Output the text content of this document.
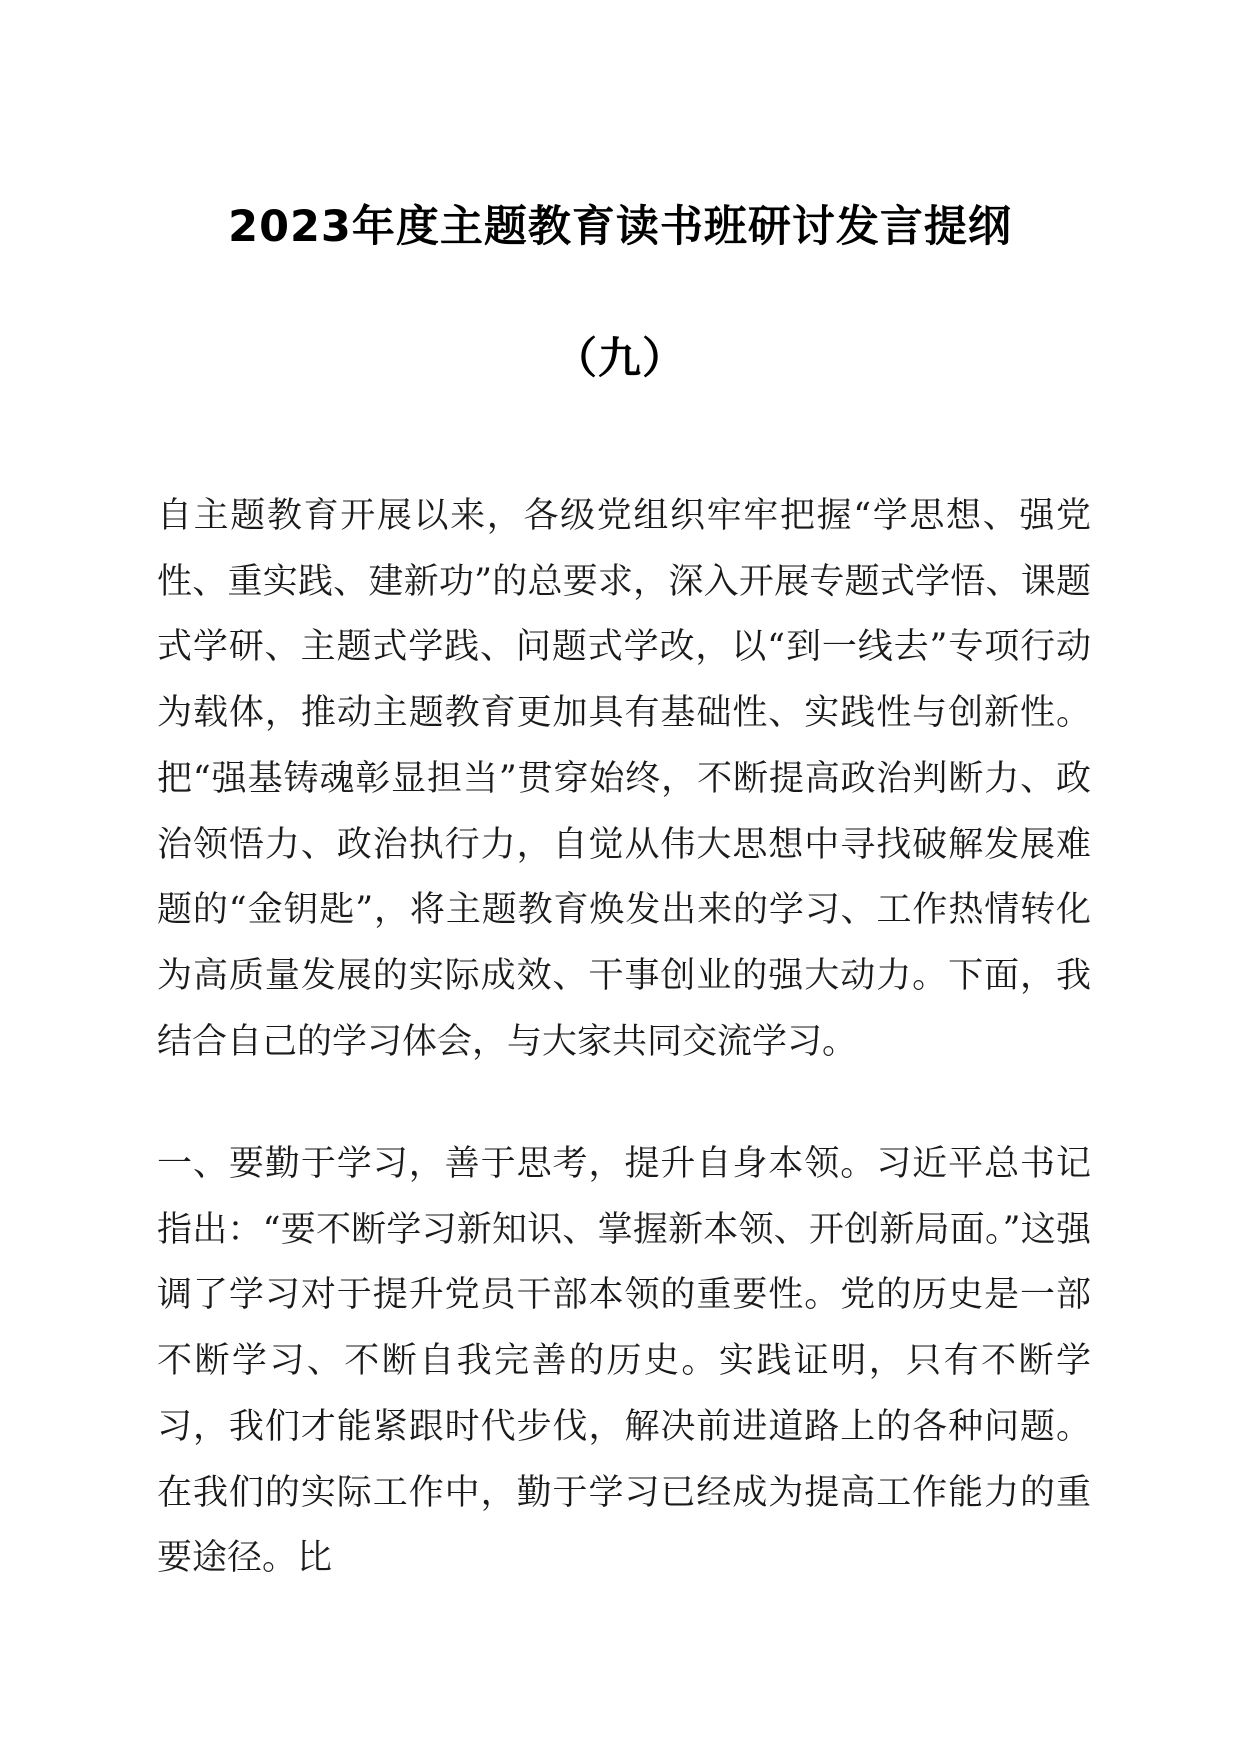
2023年度主题教育读书班研讨发言提纲
（九）

自主题教育开展以来，各级党组织牢牢把握“学思想、强党性、重实践、建新功”的总要求，深入开展专题式学悟、课题式学研、主题式学践、问题式学改，以“到一线去”专项行动为载体，推动主题教育更加具有基础性、实践性与创新性。把“强基铸魂彰显担当”贯穿始终，不断提高政治判断力、政治领悟力、政治执行力，自觉从伟大思想中寻找破解发展难题的“金钥匙”，将主题教育焕发出来的学习、工作热情转化为高质量发展的实际成效、干事创业的强大动力。下面，我结合自己的学习体会，与大家共同交流学习。

一、要勤于学习，善于思考，提升自身本领。习近平总书记指出：“要不断学习新知识、掌握新本领、开创新局面。”这强调了学习对于提升党员干部本领的重要性。党的历史是一部不断学习、不断自我完善的历史。实践证明，只有不断学习，我们才能紧跟时代步伐，解决前进道路上的各种问题。在我们的实际工作中，勤于学习已经成为提高工作能力的重要途径。比
